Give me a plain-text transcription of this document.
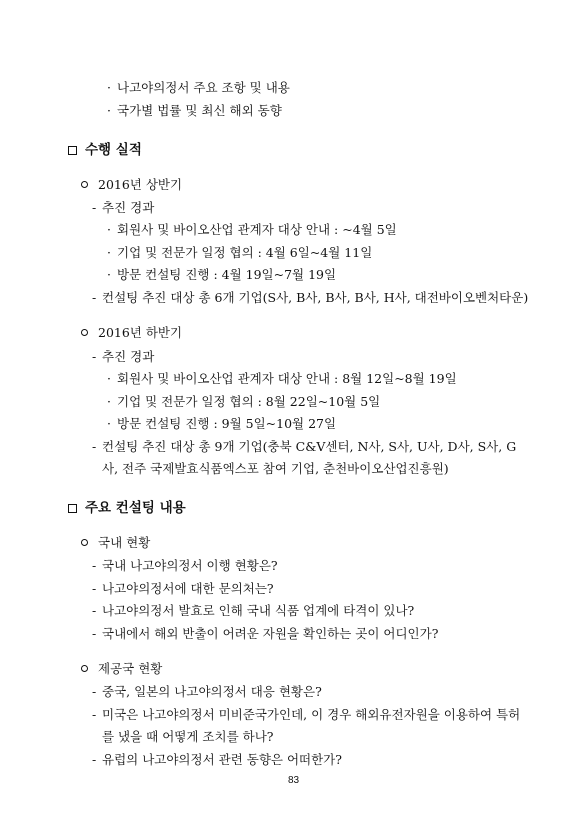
· 나고야의정서 주요 조항 및 내용
· 국가별 법률 및 최신 해외 동향
수행 실적
2016년 상반기
- 추진 경과
· 회원사 및 바이오산업 관계자 대상 안내 : ~4월 5일
· 기업 및 전문가 일정 협의 : 4월 6일~4월 11일
· 방문 컨설팅 진행 : 4월 19일~7월 19일
- 컨설팅 추진 대상 총 6개 기업(S사, B사, B사, B사, H사, 대전바이오벤처타운)
2016년 하반기
- 추진 경과
· 회원사 및 바이오산업 관계자 대상 안내 : 8월 12일~8월 19일
· 기업 및 전문가 일정 협의 : 8월 22일~10월 5일
· 방문 컨설팅 진행 : 9월 5일~10월 27일
- 컨설팅 추진 대상 총 9개 기업(충북 C&V센터, N사, S사, U사, D사, S사, G
사, 전주 국제발효식품엑스포 참여 기업, 춘천바이오산업진흥원)
주요 컨설팅 내용
국내 현황
- 국내 나고야의정서 이행 현황은?
- 나고야의정서에 대한 문의처는?
- 나고야의정서 발효로 인해 국내 식품 업계에 타격이 있나?
- 국내에서 해외 반출이 어려운 자원을 확인하는 곳이 어디인가?
제공국 현황
- 중국, 일본의 나고야의정서 대응 현황은?
- 미국은 나고야의정서 미비준국가인데, 이 경우 해외유전자원을 이용하여 특허
를 냈을 때 어떻게 조치를 하나?
- 유럽의 나고야의정서 관련 동향은 어떠한가?
83
